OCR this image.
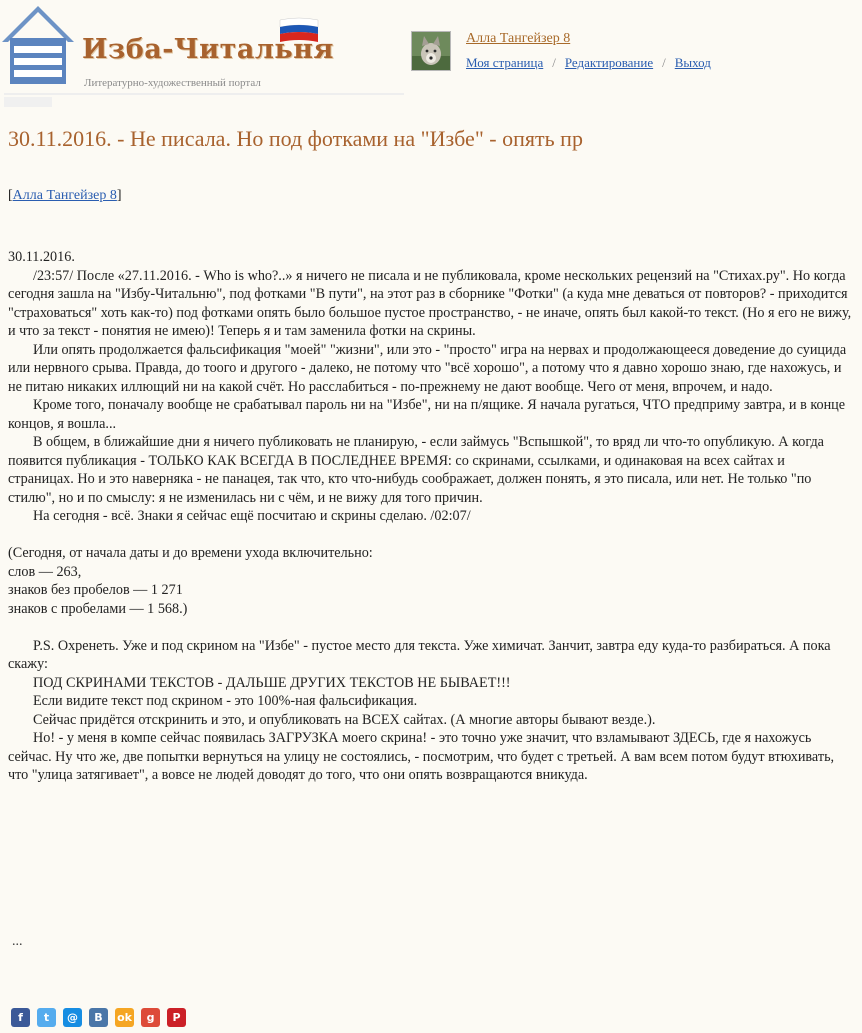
Изба-Читальня
Литературно-художественный портал
Алла Тангейзер 8
Моя страница / Редактирование / Выход
30.11.2016. - Не писала. Но под фотками на "Избе" - опять пр
[Алла Тангейзер 8]

30.11.2016.

/23:57/ После «27.11.2016. - Who is who?..» я ничего не писала и не публиковала, кроме нескольких рецензий на "Стихах.ру". Но когда сегодня зашла на "Избу-Читальню", под фотками "В пути", на этот раз в сборнике "Фотки" (а куда мне деваться от повторов? - приходится "страховаться" хоть как-то) под фотками опять было большое пустое пространство, - не иначе, опять был какой-то текст. (Но я его не вижу, и что за текст - понятия не имею)! Теперь я и там заменила фотки на скрины.

Или опять продолжается фальсификация "моей" "жизни", или это - "просто" игра на нервах и продолжающееся доведение до суицида или нервного срыва. Правда, до тоого и другого - далеко, не потому что "всё хорошо", а потому что я давно хорошо знаю, где нахожусь, и не питаю никаких иллющий ни на какой счёт. Но расслабиться - по-прежнему не дают вообще. Чего от меня, впрочем, и надо.

Кроме того, поначалу вообще не срабатывал пароль ни на "Избе", ни на п/ящике. Я начала ругаться, ЧТО предприму завтра, и в конце концов, я вошла...

В общем, в ближайшие дни я ничего публиковать не планирую, - если займусь "Вспышкой", то вряд ли что-то опубликую. А когда появится публикация - ТОЛЬКО КАК ВСЕГДА В ПОСЛЕДНЕЕ ВРЕМЯ: со скринами, ссылками, и одинаковая на всех сайтах и страницах. Но и это наверняка - не панацея, так что, кто что-нибудь соображает, должен понять, я это писала, или нет. Не только "по стилю", но и по смыслу: я не изменилась ни с чём, и не вижу для того причин.

На сегодня - всё. Знаки я сейчас ещё посчитаю и скрины сделаю. /02:07/

(Сегодня, от начала даты и до времени ухода включительно:

слов — 263,

знаков без пробелов — 1 271

знаков с пробелами — 1 568.)

P.S. Охренеть. Уже и под скрином на "Избе" - пустое место для текста. Уже химичат. Занчит, завтра еду куда-то разбираться. А пока скажу:

ПОД СКРИНАМИ ТЕКСТОВ - ДАЛЬШЕ ДРУГИХ ТЕКСТОВ НЕ БЫВАЕТ!!!

Если видите текст под скрином - это 100%-ная фальсификация.

Сейчас придётся отскринить и это, и опубликовать на ВСЕХ сайтах. (А многие авторы бывают везде.).

Но! - у меня в компе сейчас появилась ЗАГРУЗКА моего скрина! - это точно уже значит, что взламывают ЗДЕСЬ, где я нахожусь сейчас. Ну что же, две попытки вернуться на улицу не состоялись, - посмотрим, что будет с третьей. А вам всем потом будут втюхивать, что "улица затягивает", а вовсе не людей доводят до того, что они опять возвращаются вникуда.

...
f	t	@	B	ok	g	P
